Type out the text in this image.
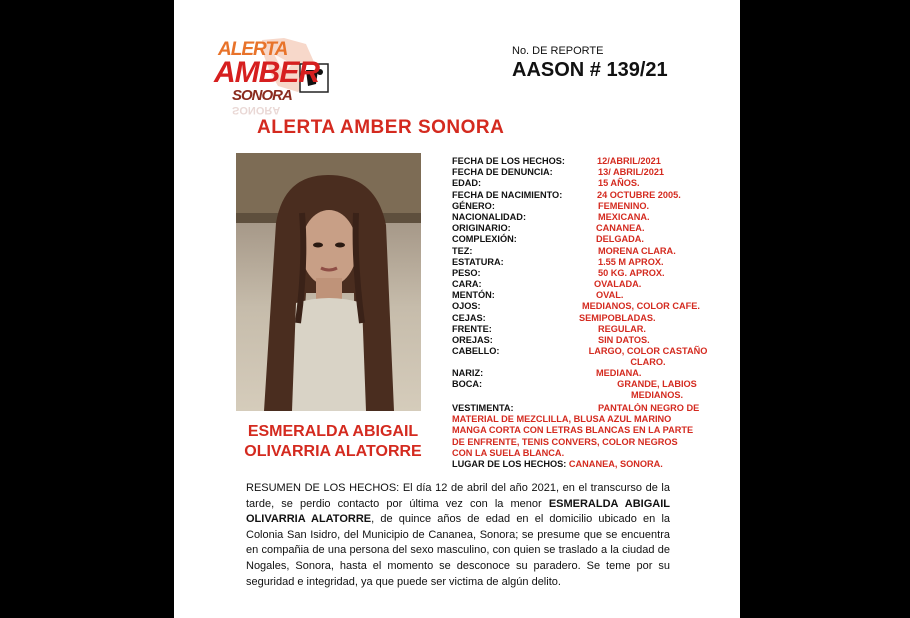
ALERTA
AMBER
SONORA
SONORA
No. DE REPORTE
AASON # 139/21
ALERTA AMBER SONORA
ESMERALDA ABIGAIL
OLIVARRIA ALATORRE
FECHA DE LOS HECHOS:	12/ABRIL/2021
FECHA DE DENUNCIA:	13/ ABRIL/2021
EDAD:	15 AÑOS.
FECHA DE NACIMIENTO:	24 OCTUBRE 2005.
GÉNERO:	FEMENINO.
NACIONALIDAD:	MEXICANA.
ORIGINARIO:	CANANEA.
COMPLEXIÓN:	DELGADA.
TEZ:	MORENA CLARA.
ESTATURA:	1.55 M APROX.
PESO:	50 KG. APROX.
CARA:	OVALADA.
MENTÓN:	OVAL.
OJOS:	MEDIANOS, COLOR CAFE.
CEJAS:	SEMIPOBLADAS.
FRENTE:	REGULAR.
OREJAS:	SIN DATOS.
CABELLO:	LARGO, COLOR CASTAÑO CLARO.
NARIZ:	MEDIANA.
BOCA:	GRANDE, LABIOS MEDIANOS.
VESTIMENTA:	PANTALÓN NEGRO DE
MATERIAL DE MEZCLILLA, BLUSA AZUL MARINO
MANGA CORTA CON LETRAS BLANCAS EN LA PARTE
DE ENFRENTE, TENIS CONVERS, COLOR NEGROS
CON LA SUELA BLANCA.
LUGAR DE LOS HECHOS: CANANEA, SONORA.
RESUMEN DE LOS HECHOS: El día 12 de abril del año 2021, en el transcurso de la tarde, se perdio contacto por última vez con la menor ESMERALDA ABIGAIL OLIVARRIA ALATORRE, de quince años de edad en el domicilio ubicado en la Colonia San Isidro, del Municipio de Cananea, Sonora; se presume que se encuentra en compañia de una persona del sexo masculino, con quien se traslado a la ciudad de Nogales, Sonora, hasta el momento se desconoce su paradero. Se teme por su seguridad e integridad, ya que puede ser victima de algún delito.
